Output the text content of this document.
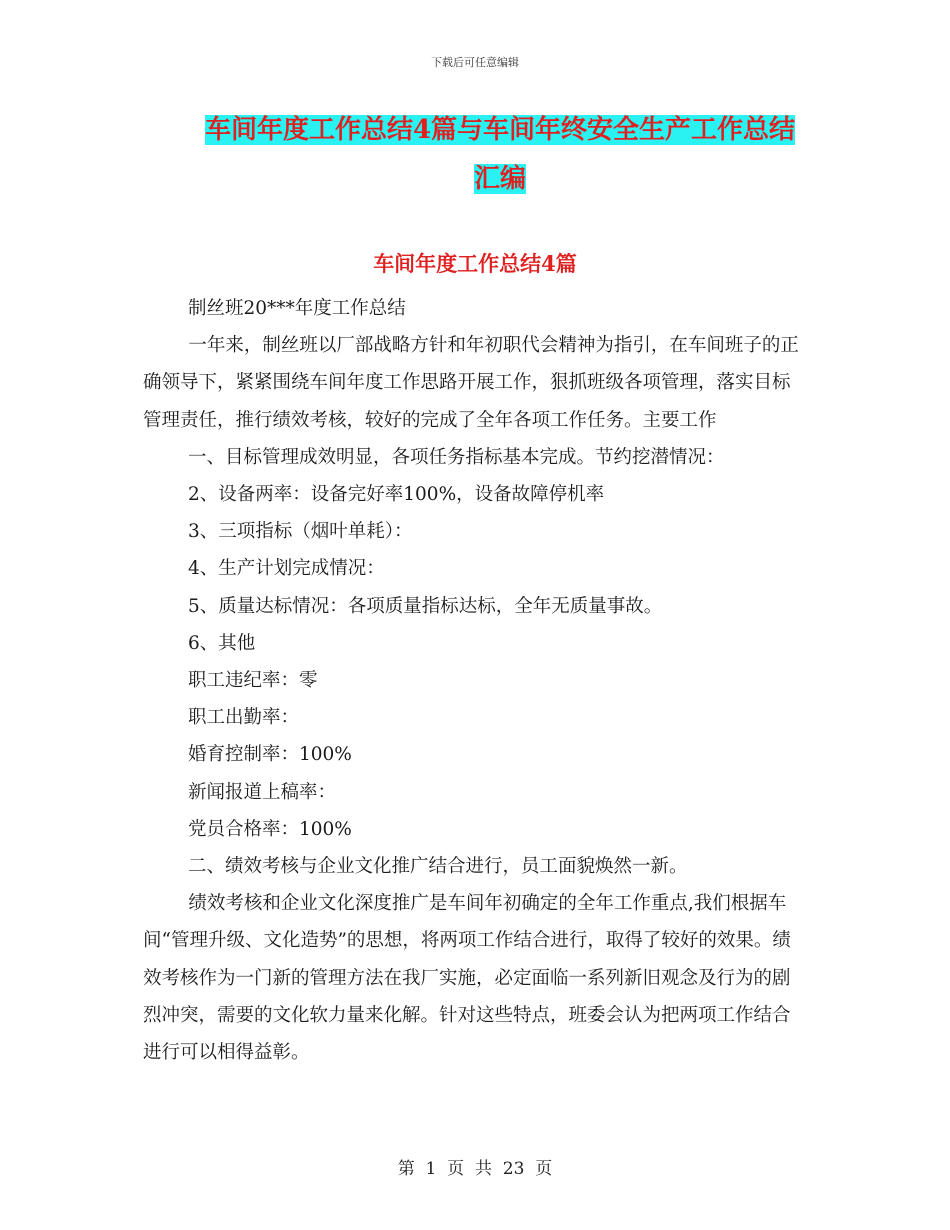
下载后可任意编辑
车间年度工作总结4篇与车间年终安全生产工作总结
汇编
车间年度工作总结4篇

制丝班20***年度工作总结

一年来，制丝班以厂部战略方针和年初职代会精神为指引，在车间班子的正确领导下，紧紧围绕车间年度工作思路开展工作，狠抓班级各项管理，落实目标管理责任，推行绩效考核，较好的完成了全年各项工作任务。主要工作

一、目标管理成效明显，各项任务指标基本完成。节约挖潜情况：

2、设备两率：设备完好率100%，设备故障停机率

3、三项指标（烟叶单耗）：

4、生产计划完成情况：

5、质量达标情况：各项质量指标达标，全年无质量事故。

6、其他

职工违纪率：零

职工出勤率：

婚育控制率：100%

新闻报道上稿率：

党员合格率：100%

二、绩效考核与企业文化推广结合进行，员工面貌焕然一新。

绩效考核和企业文化深度推广是车间年初确定的全年工作重点,我们根据车间“管理升级、文化造势”的思想，将两项工作结合进行，取得了较好的效果。绩效考核作为一门新的管理方法在我厂实施，必定面临一系列新旧观念及行为的剧烈冲突，需要的文化软力量来化解。针对这些特点，班委会认为把两项工作结合进行可以相得益彰。

第  1  页  共  23  页
